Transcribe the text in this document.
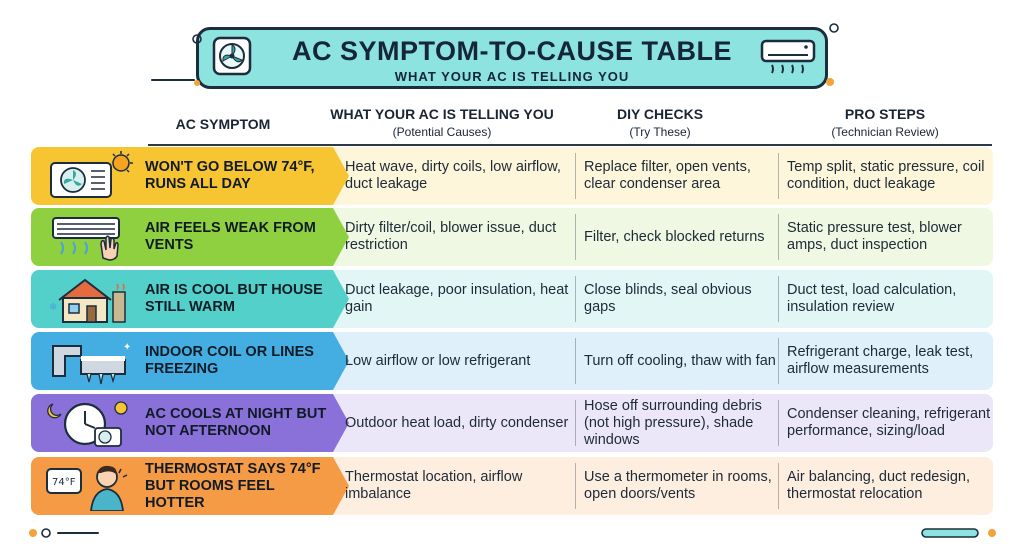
AC SYMPTOM-TO-CAUSE TABLE
WHAT YOUR AC IS TELLING YOU
AC SYMPTOM
WHAT YOUR AC IS TELLING YOU
(Potential Causes)
DIY CHECKS
(Try These)
PRO STEPS
(Technician Review)
WON'T GO BELOW 74°F, RUNS ALL DAY
Heat wave, dirty coils, low airflow, duct leakage
Replace filter, open vents, clear condenser area
Temp split, static pressure, coil condition, duct leakage
AIR FEELS WEAK FROM VENTS
Dirty filter/coil, blower issue, duct restriction
Filter, check blocked returns
Static pressure test, blower amps, duct inspection
❄
AIR IS COOL BUT HOUSE STILL WARM
Duct leakage, poor insulation, heat gain
Close blinds, seal obvious gaps
Duct test, load calculation, insulation review
✦ INDOOR COIL OR LINES FREEZING
Low airflow or low refrigerant	Turn off cooling, thaw with fan
Refrigerant charge, leak test, airflow measurements
AC COOLS AT NIGHT BUT NOT AFTERNOON
Outdoor heat load, dirty condenser
Hose off surrounding debris (not high pressure), shade windows
Condenser cleaning, refrigerant performance, sizing/load
74°F
THERMOSTAT SAYS 74°F BUT ROOMS FEEL HOTTER
Thermostat location, airflow imbalance
Use a thermometer in rooms, open doors/vents
Air balancing, duct redesign, thermostat relocation
